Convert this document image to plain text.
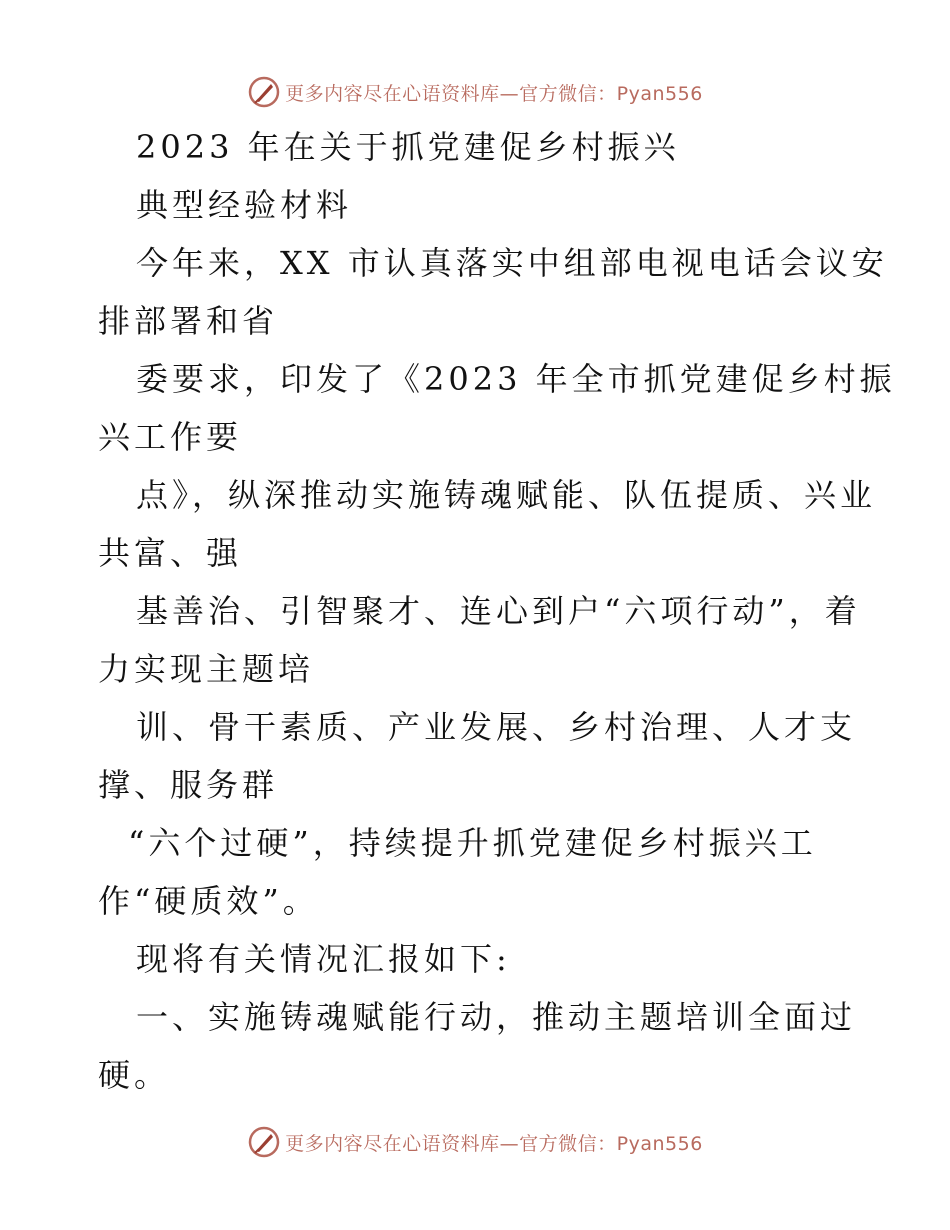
更多内容尽在心语资料库—官方微信：Pyan556
2023 年在关于抓党建促乡村振兴
典型经验材料
今年来，XX 市认真落实中组部电视电话会议安
排部署和省
委要求，印发了《2023 年全市抓党建促乡村振
兴工作要
点》，纵深推动实施铸魂赋能、队伍提质、兴业
共富、强
基善治、引智聚才、连心到户“六项行动”，着
力实现主题培
训、骨干素质、产业发展、乡村治理、人才支
撑、服务群
“六个过硬”，持续提升抓党建促乡村振兴工
作“硬质效”。
现将有关情况汇报如下:
一、实施铸魂赋能行动，推动主题培训全面过
硬。
更多内容尽在心语资料库—官方微信：Pyan556
